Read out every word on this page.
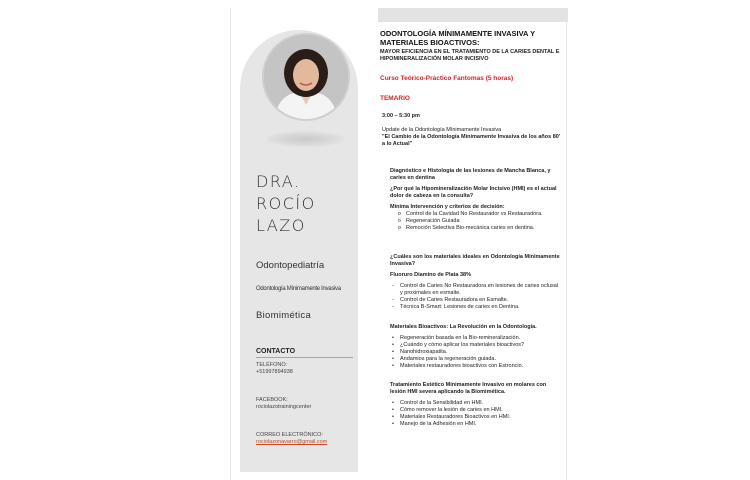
DRA.
ROCÍO
LAZO
Odontopediatría
Odontología Mínimamente Invasiva
Biomimética
CONTACTO
TELÉFONO:
+51997894938
FACEBOOK:
rociolazotrainingcenter
CORREO ELECTRÓNICO:
rociolazonavarro@gmail.com
ODONTOLOGÍA MÍNIMAMENTE INVASIVA Y MATERIALES BIOACTIVOS:
MAYOR EFICIENCIA EN EL TRATAMIENTO DE LA CARIES DENTAL E HIPOMINERALIZACIÓN MOLAR INCISIVO
Curso Teórico-Práctico Fantomas (5 horas)
TEMARIO
3:00 – 5:30 pm
Update de la Odontología Mínimamente Invasiva
"El Cambio de la Odontología Mínimamente Invasiva de los años 80' a lo Actual"
Diagnóstico e Histología de las lesiones de Mancha Blanca, y caries en dentina
¿Por qué la Hipomineralización Molar Incisivo (HMI) es el actual dolor de cabeza en la consulta?
Mínima Intervención y criterios de decisión:
o Control de la Cavidad No Restaurador vs Restauradora.
o Regeneración Guiada
o Remoción Selectiva Bio-mecánica caries en dentina.
¿Cuáles son los materiales ideales en Odontología Mínimamente Invasiva?
Fluoruro Diamino de Plata 38%
- Control de Caries No Restauradora en lesiones de caries oclusal y proximales en esmalte.
- Control de Caries Restauradora en Esmalte.
- Técnica B-Smart: Lesiones de caries en Dentina.
Materiales Bioactivos: La Revolución en la Odontología.
• Regeneración basada en la Bio-remineralización.
• ¿Cuándo y cómo aplicar los materiales bioactivos?
• Nanohidroxiapatita.
• Andamios para la regeneración guiada.
• Materiales restauradores bioactivos con Estroncio.
Tratamiento Estético Mínimamente Invasivo en molares con lesión HMI severa aplicando la Biomimética.
• Control de la Sensibilidad en HMI.
• Cómo remover la lesión de caries en HMI.
• Materiales Restauradores Bioactivos en HMI.
• Manejo de la Adhesión en HMI.
